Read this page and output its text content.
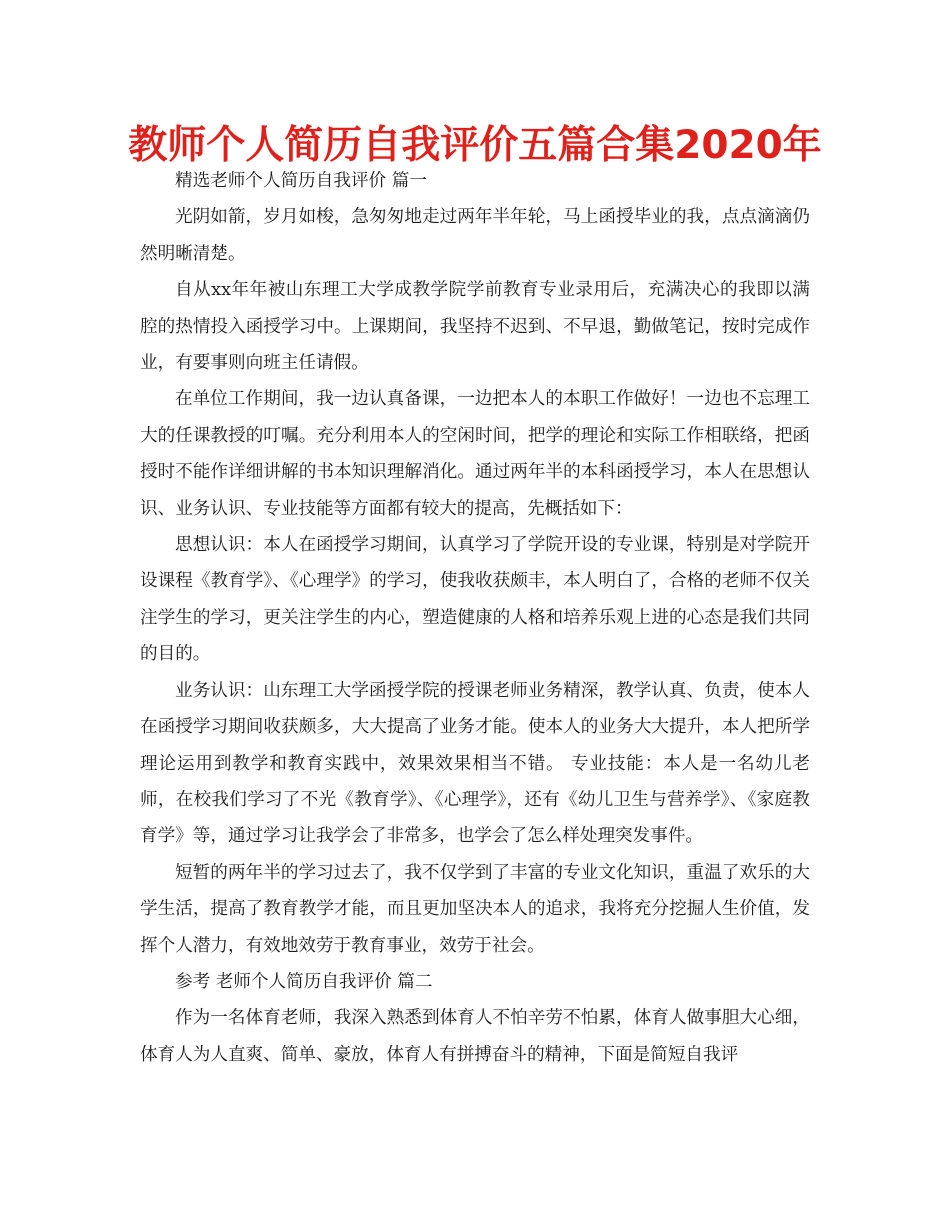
教师个人简历自我评价五篇合集2020年

精选老师个人简历自我评价 篇一

光阴如箭，岁月如梭，急匆匆地走过两年半年轮，马上函授毕业的我，点点滴滴仍然明晰清楚。

自从xx年年被山东理工大学成教学院学前教育专业录用后，充满决心的我即以满腔的热情投入函授学习中。上课期间，我坚持不迟到、不早退，勤做笔记，按时完成作业，有要事则向班主任请假。

在单位工作期间，我一边认真备课，一边把本人的本职工作做好！一边也不忘理工大的任课教授的叮嘱。充分利用本人的空闲时间，把学的理论和实际工作相联络，把函授时不能作详细讲解的书本知识理解消化。通过两年半的本科函授学习，本人在思想认识、业务认识、专业技能等方面都有较大的提高，先概括如下：

思想认识：本人在函授学习期间，认真学习了学院开设的专业课，特别是对学院开设课程《教育学》、《心理学》的学习，使我收获颇丰，本人明白了，合格的老师不仅关注学生的学习，更关注学生的内心，塑造健康的人格和培养乐观上进的心态是我们共同的目的。

业务认识：山东理工大学函授学院的授课老师业务精深，教学认真、负责，使本人在函授学习期间收获颇多，大大提高了业务才能。使本人的业务大大提升，本人把所学理论运用到教学和教育实践中，效果效果相当不错。 专业技能：本人是一名幼儿老师，在校我们学习了不光《教育学》、《心理学》，还有《幼儿卫生与营养学》、《家庭教育学》等，通过学习让我学会了非常多，也学会了怎么样处理突发事件。

短暂的两年半的学习过去了，我不仅学到了丰富的专业文化知识，重温了欢乐的大学生活，提高了教育教学才能，而且更加坚决本人的追求，我将充分挖掘人生价值，发挥个人潜力，有效地效劳于教育事业，效劳于社会。

参考 老师个人简历自我评价 篇二

作为一名体育老师，我深入熟悉到体育人不怕辛劳不怕累，体育人做事胆大心细，体育人为人直爽、简单、豪放，体育人有拼搏奋斗的精神，下面是简短自我评
